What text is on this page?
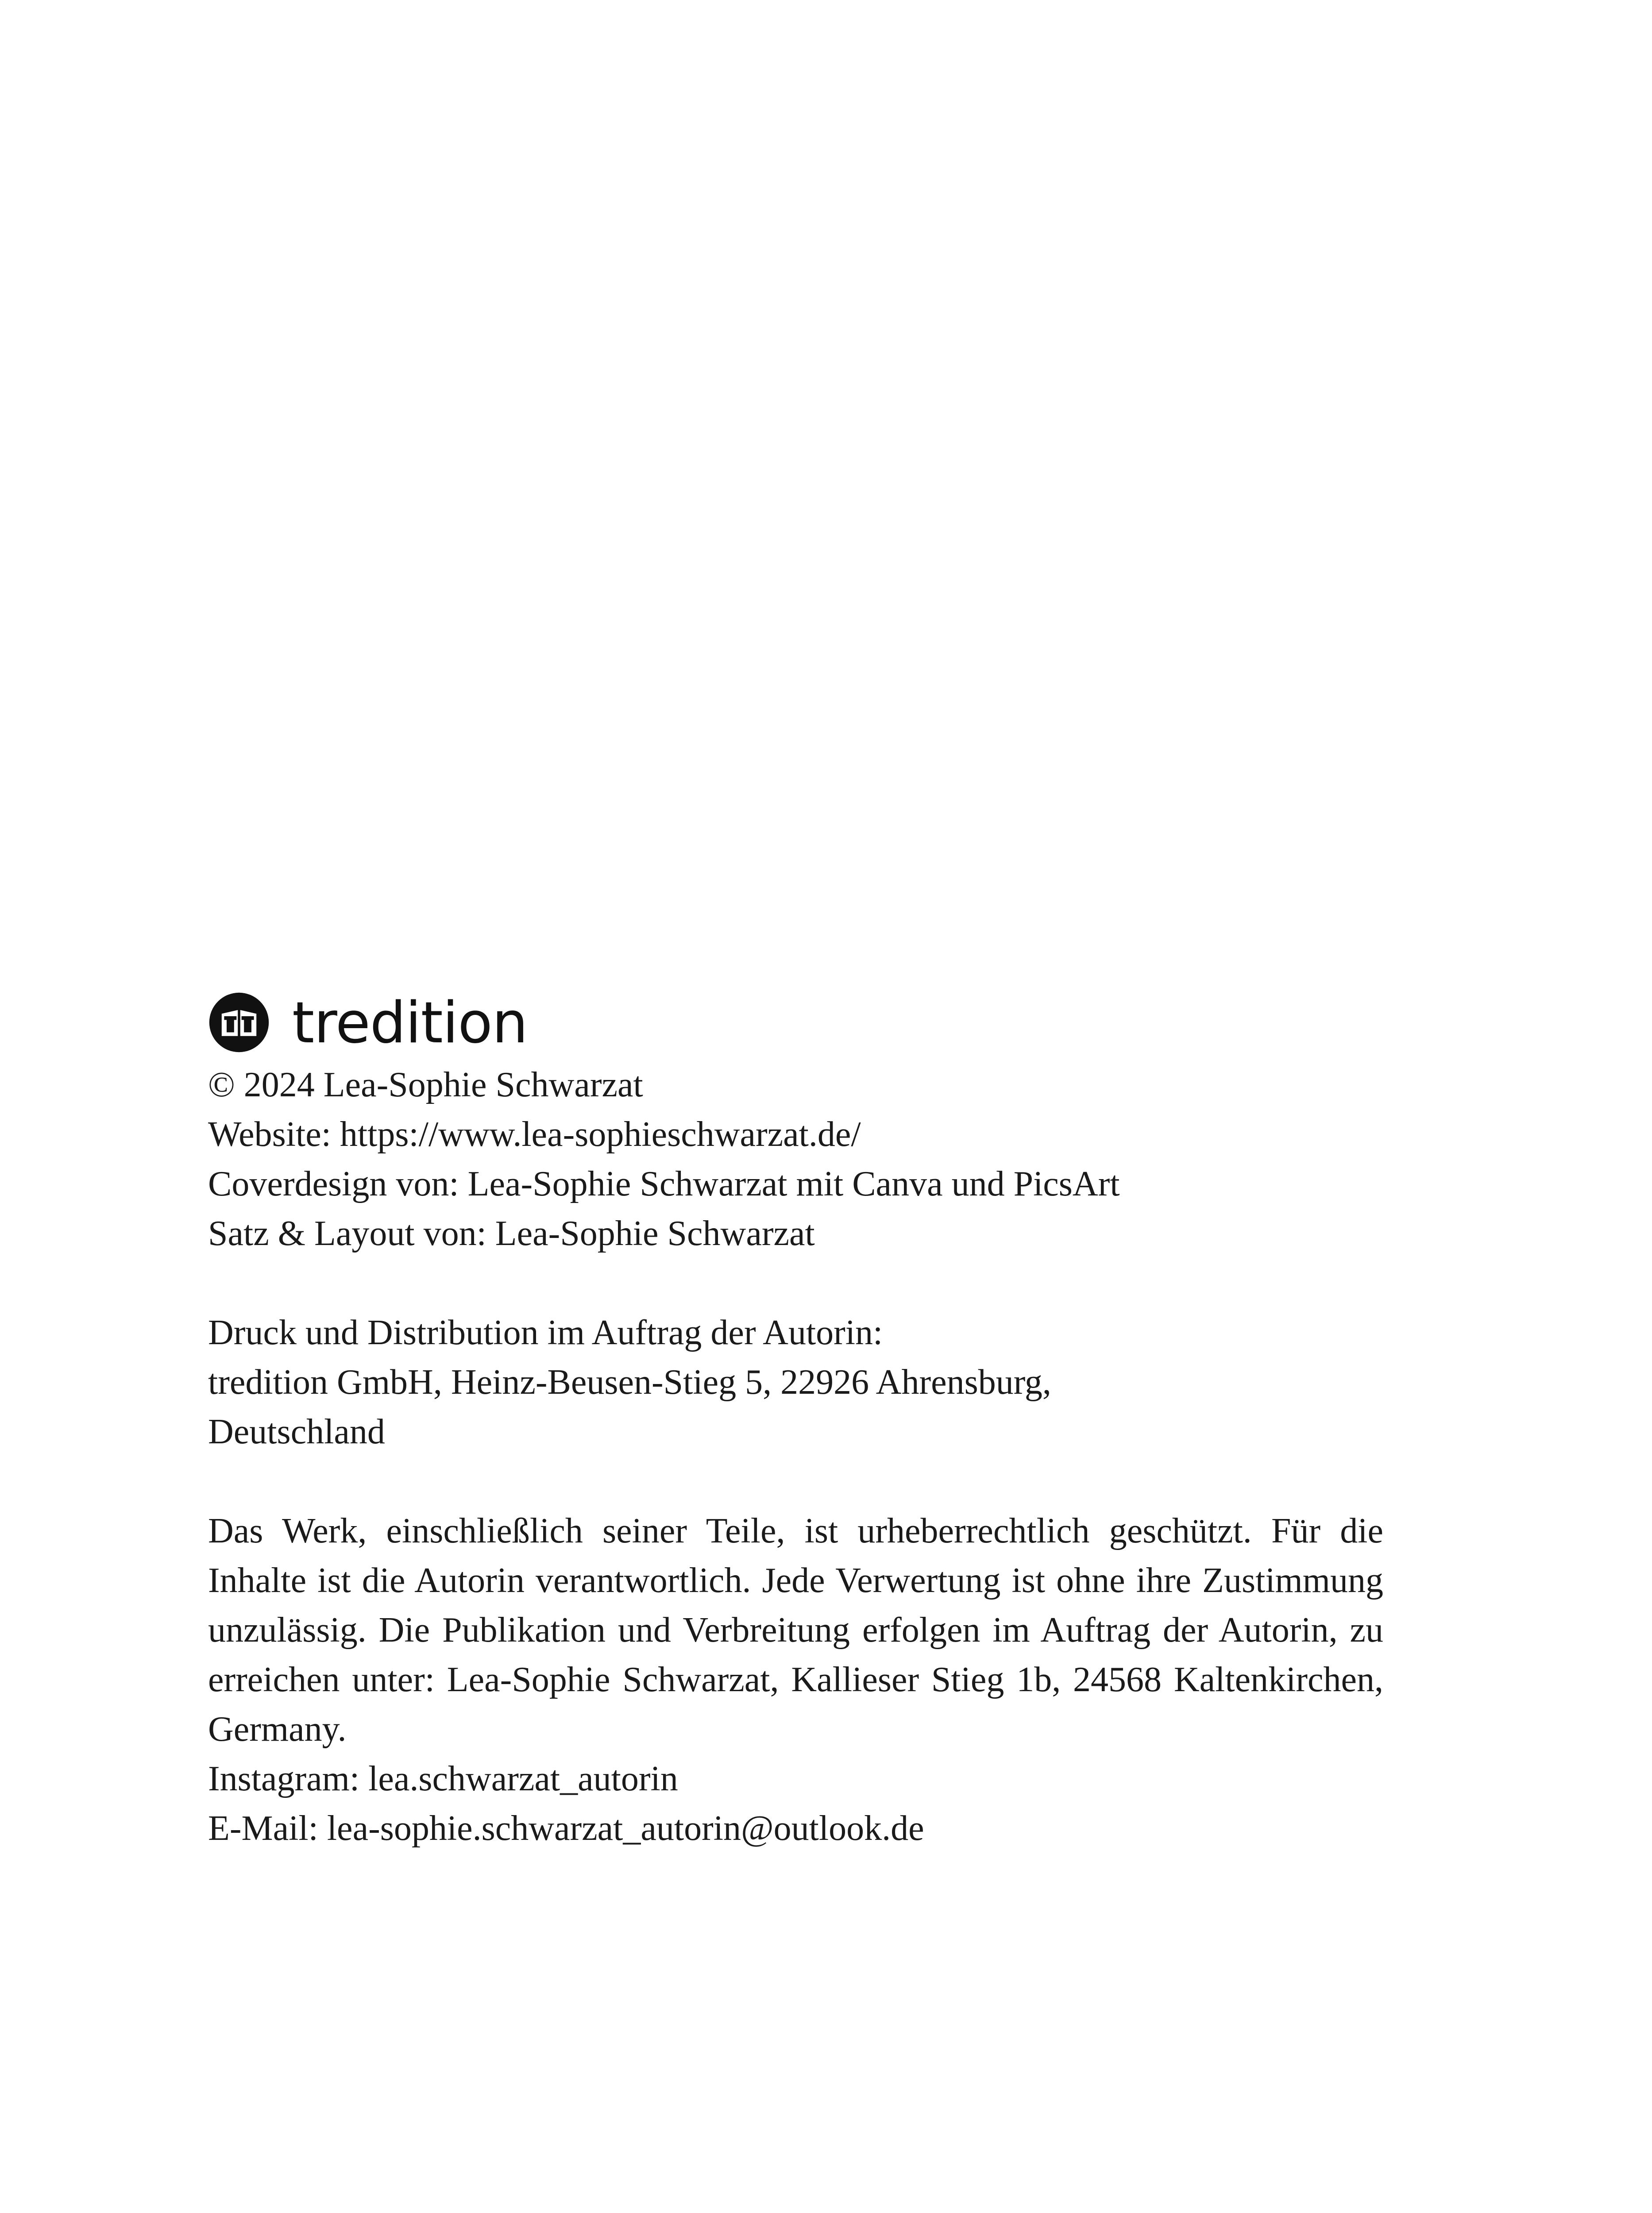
tredition
© 2024 Lea-Sophie Schwarzat
Website: https://www.lea-sophieschwarzat.de/
Coverdesign von: Lea-Sophie Schwarzat mit Canva und PicsArt
Satz & Layout von: Lea-Sophie Schwarzat
Druck und Distribution im Auftrag der Autorin:
tredition GmbH, Heinz-Beusen-Stieg 5, 22926 Ahrensburg,
Deutschland
Das Werk, einschließlich seiner Teile, ist urheberrechtlich geschützt. Für die Inhalte ist die Autorin verantwortlich. Jede Verwertung ist ohne ihre Zustimmung unzulässig. Die Publikation und Verbreitung erfolgen im Auftrag der Autorin, zu erreichen unter: Lea-Sophie Schwarzat, Kallieser Stieg 1b, 24568 Kaltenkirchen, Germany.
Instagram: lea.schwarzat_autorin
E-Mail: lea-sophie.schwarzat_autorin@outlook.de
